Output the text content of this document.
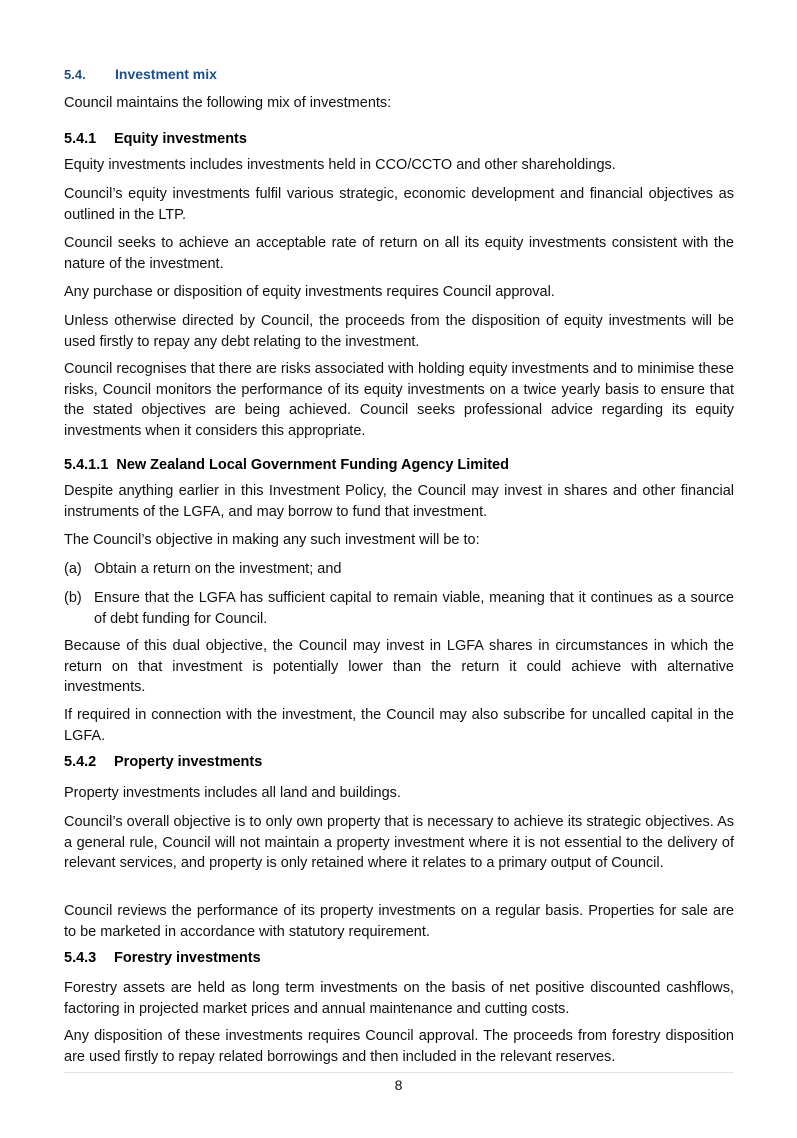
5.4. Investment mix
Council maintains the following mix of investments:
5.4.1 Equity investments
Equity investments includes investments held in CCO/CCTO and other shareholdings.
Council’s equity investments fulfil various strategic, economic development and financial objectives as outlined in the LTP.
Council seeks to achieve an acceptable rate of return on all its equity investments consistent with the nature of the investment.
Any purchase or disposition of equity investments requires Council approval.
Unless otherwise directed by Council, the proceeds from the disposition of equity investments will be used firstly to repay any debt relating to the investment.
Council recognises that there are risks associated with holding equity investments and to minimise these risks, Council monitors the performance of its equity investments on a twice yearly basis to ensure that the stated objectives are being achieved. Council seeks professional advice regarding its equity investments when it considers this appropriate.
5.4.1.1 New Zealand Local Government Funding Agency Limited
Despite anything earlier in this Investment Policy, the Council may invest in shares and other financial instruments of the LGFA, and may borrow to fund that investment.
The Council’s objective in making any such investment will be to:
(a) Obtain a return on the investment; and
(b) Ensure that the LGFA has sufficient capital to remain viable, meaning that it continues as a source of debt funding for Council.
Because of this dual objective, the Council may invest in LGFA shares in circumstances in which the return on that investment is potentially lower than the return it could achieve with alternative investments.
If required in connection with the investment, the Council may also subscribe for uncalled capital in the LGFA.
5.4.2 Property investments
Property investments includes all land and buildings.
Council’s overall objective is to only own property that is necessary to achieve its strategic objectives. As a general rule, Council will not maintain a property investment where it is not essential to the delivery of relevant services, and property is only retained where it relates to a primary output of Council.
Council reviews the performance of its property investments on a regular basis. Properties for sale are to be marketed in accordance with statutory requirement.
5.4.3 Forestry investments
Forestry assets are held as long term investments on the basis of net positive discounted cashflows, factoring in projected market prices and annual maintenance and cutting costs.
Any disposition of these investments requires Council approval. The proceeds from forestry disposition are used firstly to repay related borrowings and then included in the relevant reserves.
8
